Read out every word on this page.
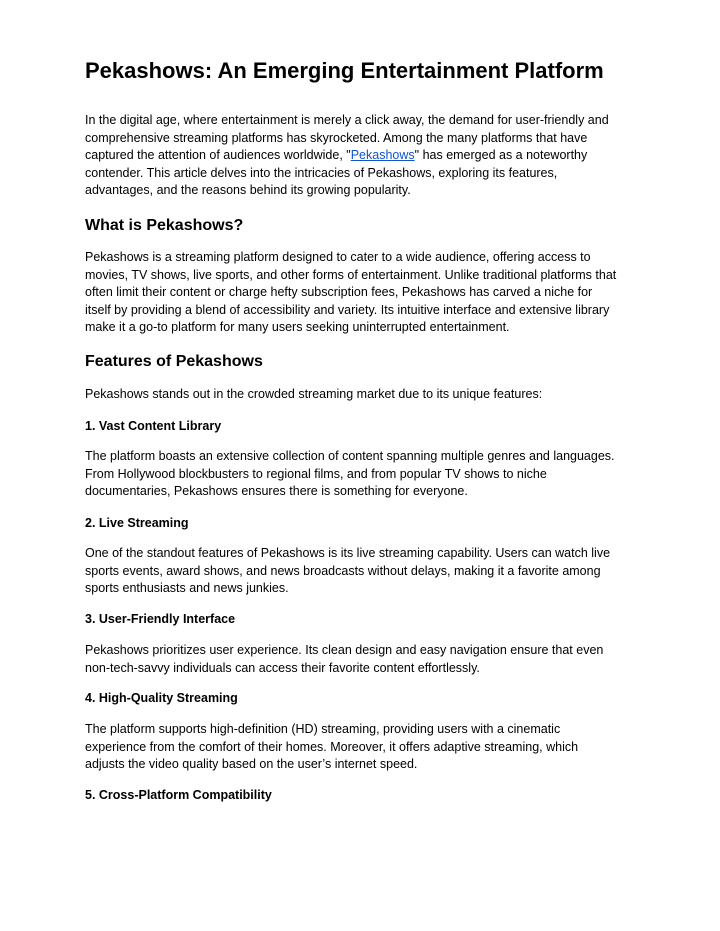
Pekashows: An Emerging Entertainment Platform

In the digital age, where entertainment is merely a click away, the demand for user-friendly and
comprehensive streaming platforms has skyrocketed. Among the many platforms that have
captured the attention of audiences worldwide, "Pekashows" has emerged as a noteworthy
contender. This article delves into the intricacies of Pekashows, exploring its features,
advantages, and the reasons behind its growing popularity.

What is Pekashows?

Pekashows is a streaming platform designed to cater to a wide audience, offering access to
movies, TV shows, live sports, and other forms of entertainment. Unlike traditional platforms that
often limit their content or charge hefty subscription fees, Pekashows has carved a niche for
itself by providing a blend of accessibility and variety. Its intuitive interface and extensive library
make it a go-to platform for many users seeking uninterrupted entertainment.

Features of Pekashows

Pekashows stands out in the crowded streaming market due to its unique features:

1. Vast Content Library

The platform boasts an extensive collection of content spanning multiple genres and languages.
From Hollywood blockbusters to regional films, and from popular TV shows to niche
documentaries, Pekashows ensures there is something for everyone.

2. Live Streaming

One of the standout features of Pekashows is its live streaming capability. Users can watch live
sports events, award shows, and news broadcasts without delays, making it a favorite among
sports enthusiasts and news junkies.

3. User-Friendly Interface

Pekashows prioritizes user experience. Its clean design and easy navigation ensure that even
non-tech-savvy individuals can access their favorite content effortlessly.

4. High-Quality Streaming

The platform supports high-definition (HD) streaming, providing users with a cinematic
experience from the comfort of their homes. Moreover, it offers adaptive streaming, which
adjusts the video quality based on the user’s internet speed.

5. Cross-Platform Compatibility
